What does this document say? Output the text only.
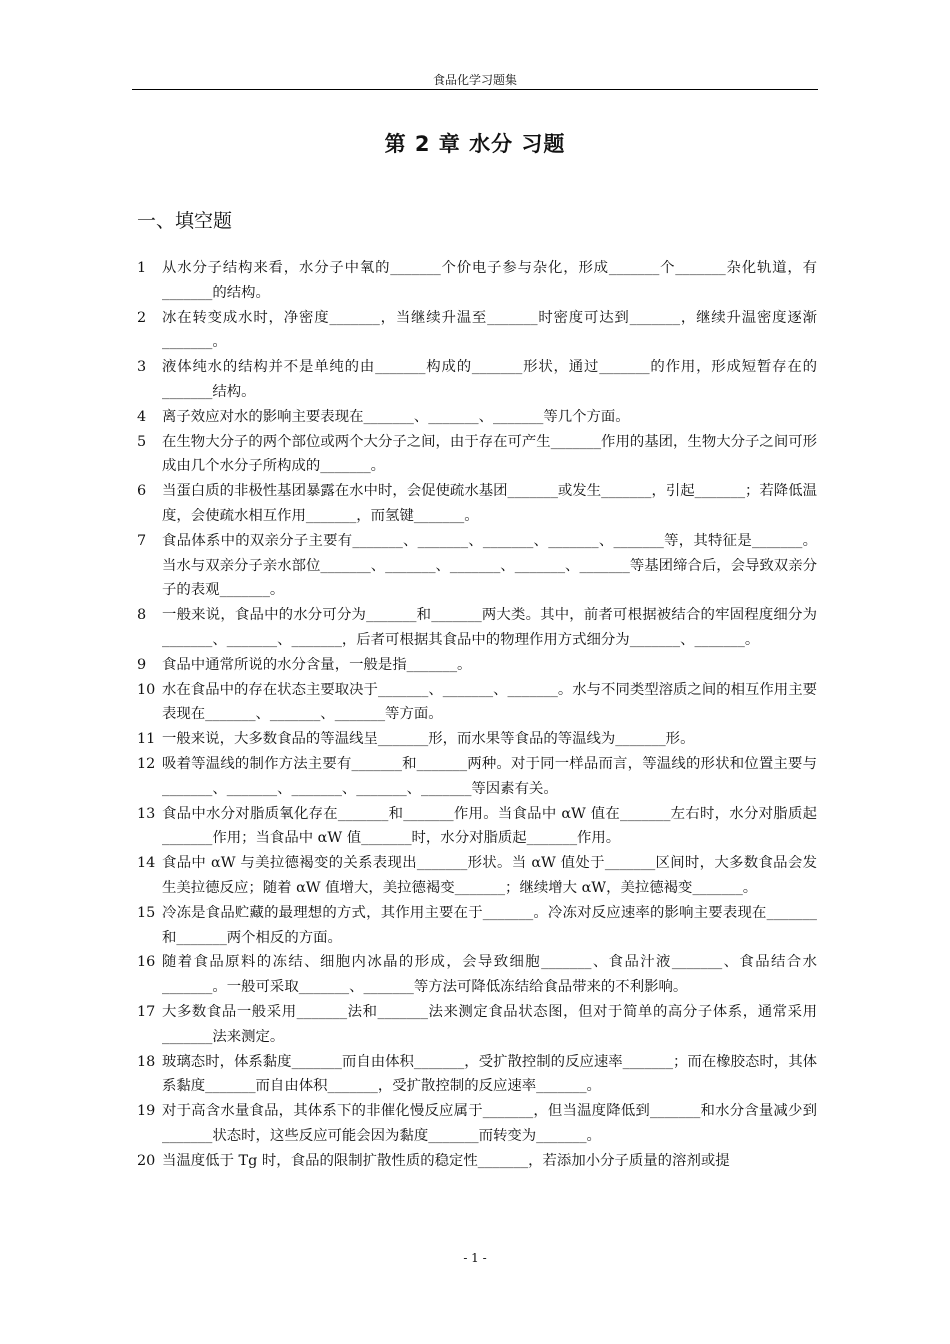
食品化学习题集
第 2 章 水分 习题
一、填空题
1 从水分子结构来看，水分子中氧的_______个价电子参与杂化，形成_______个_______杂化轨道，有_______的结构。
2 冰在转变成水时，净密度_______，当继续升温至_______时密度可达到_______，继续升温密度逐渐_______。
3 液体纯水的结构并不是单纯的由_______构成的_______形状，通过_______的作用，形成短暂存在的_______结构。
4 离子效应对水的影响主要表现在_______、_______、_______等几个方面。
5 在生物大分子的两个部位或两个大分子之间，由于存在可产生_______作用的基团，生物大分子之间可形成由几个水分子所构成的_______。
6 当蛋白质的非极性基团暴露在水中时，会促使疏水基团_______或发生_______，引起_______；若降低温度，会使疏水相互作用_______，而氢键_______。
7 食品体系中的双亲分子主要有_______、_______、_______、_______、_______等，其特征是_______。当水与双亲分子亲水部位_______、_______、_______、_______、_______等基团缔合后，会导致双亲分子的表观_______。
8 一般来说，食品中的水分可分为_______和_______两大类。其中，前者可根据被结合的牢固程度细分为_______、_______、_______，后者可根据其食品中的物理作用方式细分为_______、_______。
9 食品中通常所说的水分含量，一般是指_______。
10 水在食品中的存在状态主要取决于_______、_______、_______。水与不同类型溶质之间的相互作用主要表现在_______、_______、_______等方面。
11 一般来说，大多数食品的等温线呈_______形，而水果等食品的等温线为_______形。
12 吸着等温线的制作方法主要有_______和_______两种。对于同一样品而言，等温线的形状和位置主要与_______、_______、_______、_______、_______等因素有关。
13 食品中水分对脂质氧化存在_______和_______作用。当食品中 αW 值在_______左右时，水分对脂质起_______作用；当食品中 αW 值_______时，水分对脂质起_______作用。
14 食品中 αW 与美拉德褐变的关系表现出_______形状。当 αW 值处于_______区间时，大多数食品会发生美拉德反应；随着 αW 值增大，美拉德褐变_______；继续增大 αW，美拉德褐变_______。
15 冷冻是食品贮藏的最理想的方式，其作用主要在于_______。冷冻对反应速率的影响主要表现在_______和_______两个相反的方面。
16 随着食品原料的冻结、细胞内冰晶的形成，会导致细胞_______、食品汁液_______、食品结合水_______。一般可采取_______、_______等方法可降低冻结给食品带来的不利影响。
17 大多数食品一般采用_______法和_______法来测定食品状态图，但对于简单的高分子体系，通常采用_______法来测定。
18 玻璃态时，体系黏度_______而自由体积_______，受扩散控制的反应速率_______；而在橡胶态时，其体系黏度_______而自由体积_______，受扩散控制的反应速率_______。
19 对于高含水量食品，其体系下的非催化慢反应属于_______，但当温度降低到_______和水分含量减少到_______状态时，这些反应可能会因为黏度_______而转变为_______。
20 当温度低于 Tg 时，食品的限制扩散性质的稳定性_______，若添加小分子质量的溶剂或提
- 1 -
